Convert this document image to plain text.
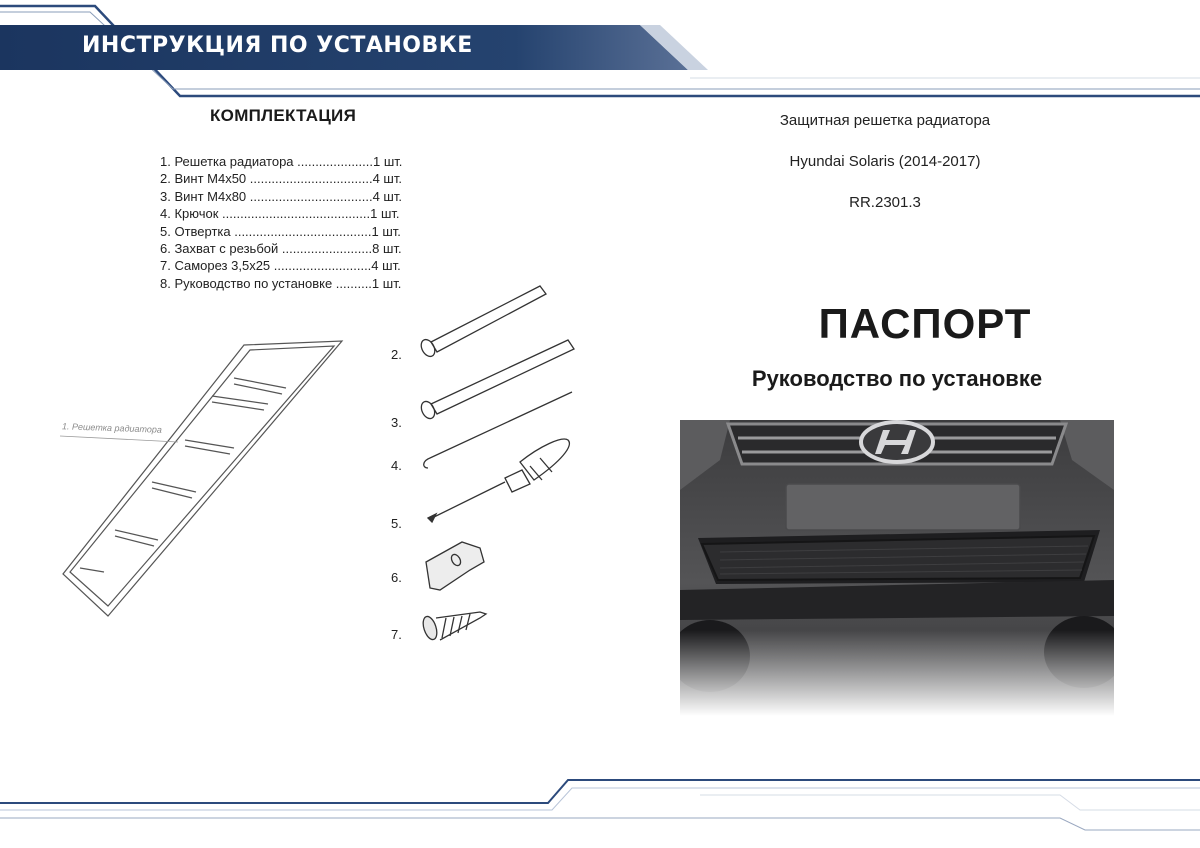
ИНСТРУКЦИЯ ПО УСТАНОВКЕ
КОМПЛЕКТАЦИЯ
1. Решетка радиатора .....................1 шт.
2. Винт М4х50 ..................................4 шт.
3. Винт М4х80 ..................................4 шт.
4. Крючок .........................................1 шт.
5. Отвертка ......................................1 шт.
6. Захват с резьбой .........................8 шт.
7. Саморез 3,5х25 ...........................4 шт.
8. Руководство по установке ..........1 шт.
Защитная решетка радиатора
Hyundai Solaris (2014-2017)
RR.2301.3
ПАСПОРТ
Руководство по установке
1. Решетка радиатора
2.
3.
4.
5.
6.
7.
